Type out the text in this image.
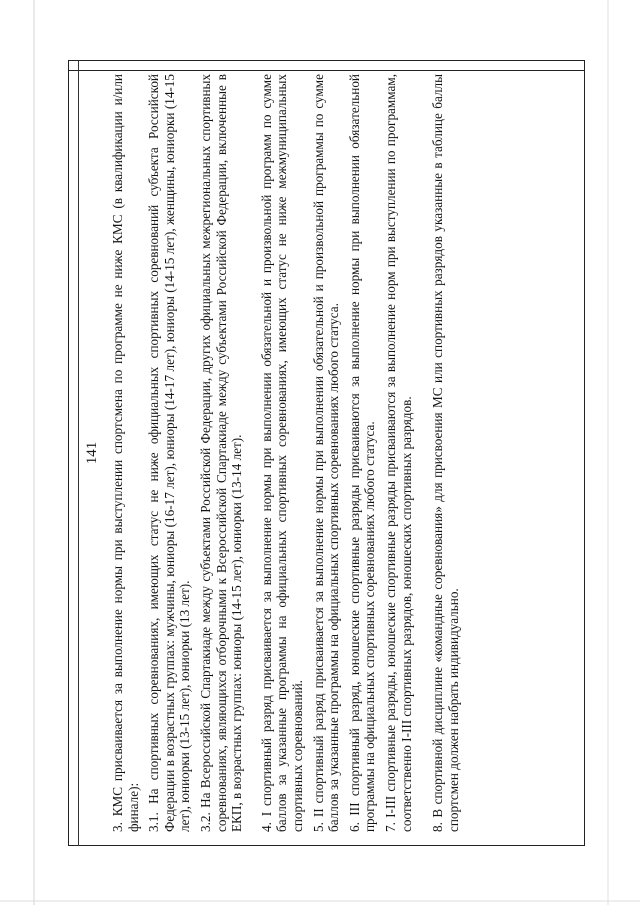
141 3. КМС присваивается за выполнение нормы при выступлении спортсмена по программе не ниже КМС (в квалификации и/или финале): 3.1. На спортивных соревнованиях, имеющих статус не ниже официальных спортивных соревнований субъекта Российской Федерации в возрастных группах: мужчины, юниоры (16-17 лет), юниоры (14-17 лет), юниоры (14-15 лет), женщины, юниорки (14-15 лет), юниорки (13-15 лет), юниорки (13 лет). 3.2. На Всероссийской Спартакиаде между субъектами Российской Федерации, других официальных межрегиональных спортивных соревнованиях, являющихся отборочными к Всероссийской Спартакиаде между субъектами Российской Федерации, включенные в ЕКП, в возрастных группах: юниоры (14-15 лет), юниорки (13-14 лет). 4. I спортивный разряд присваивается за выполнение нормы при выполнении обязательной и произвольной программ по сумме баллов за указанные программы на официальных спортивных соревнованиях, имеющих статус не ниже межмуниципальных спортивных соревнований. 5. II спортивный разряд присваивается за выполнение нормы при выполнении обязательной и произвольной программы по сумме баллов за указанные программы на официальных спортивных соревнованиях любого статуса. 6. III спортивный разряд, юношеские спортивные разряды присваиваются за выполнение нормы при выполнении обязательной программы на официальных спортивных соревнованиях любого статуса. 7. I-III спортивные разряды, юношеские спортивные разряды присваиваются за выполнение норм при выступлении по программам, соответственно I-III спортивных разрядов, юношеских спортивных разрядов. 8. В спортивной дисциплине «командные соревнования» для присвоения МС или спортивных разрядов указанные в таблице баллы спортсмен должен набрать индивидуально.
